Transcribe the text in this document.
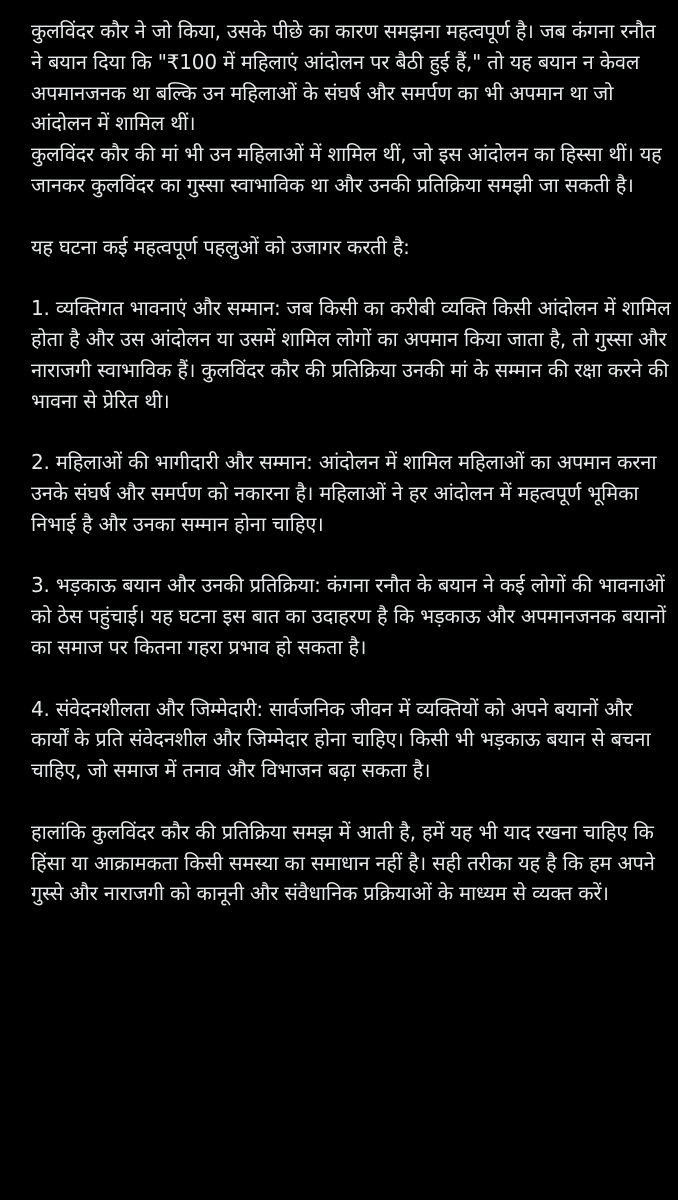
कुलविंदर कौर ने जो किया, उसके पीछे का कारण समझना महत्वपूर्ण है। जब कंगना रनौत ने बयान दिया कि "₹100 में महिलाएं आंदोलन पर बैठी हुई हैं," तो यह बयान न केवल अपमानजनक था बल्कि उन महिलाओं के संघर्ष और समर्पण का भी अपमान था जो आंदोलन में शामिल थीं।
कुलविंदर कौर की मां भी उन महिलाओं में शामिल थीं, जो इस आंदोलन का हिस्सा थीं। यह जानकर कुलविंदर का गुस्सा स्वाभाविक था और उनकी प्रतिक्रिया समझी जा सकती है।

यह घटना कई महत्वपूर्ण पहलुओं को उजागर करती है:

1. व्यक्तिगत भावनाएं और सम्मान: जब किसी का करीबी व्यक्ति किसी आंदोलन में शामिल होता है और उस आंदोलन या उसमें शामिल लोगों का अपमान किया जाता है, तो गुस्सा और नाराजगी स्वाभाविक हैं। कुलविंदर कौर की प्रतिक्रिया उनकी मां के सम्मान की रक्षा करने की भावना से प्रेरित थी।

2. महिलाओं की भागीदारी और सम्मान: आंदोलन में शामिल महिलाओं का अपमान करना उनके संघर्ष और समर्पण को नकारना है। महिलाओं ने हर आंदोलन में महत्वपूर्ण भूमिका निभाई है और उनका सम्मान होना चाहिए।

3. भड़काऊ बयान और उनकी प्रतिक्रिया: कंगना रनौत के बयान ने कई लोगों की भावनाओं को ठेस पहुंचाई। यह घटना इस बात का उदाहरण है कि भड़काऊ और अपमानजनक बयानों का समाज पर कितना गहरा प्रभाव हो सकता है।

4. संवेदनशीलता और जिम्मेदारी: सार्वजनिक जीवन में व्यक्तियों को अपने बयानों और कार्यों के प्रति संवेदनशील और जिम्मेदार होना चाहिए। किसी भी भड़काऊ बयान से बचना चाहिए, जो समाज में तनाव और विभाजन बढ़ा सकता है।

हालांकि कुलविंदर कौर की प्रतिक्रिया समझ में आती है, हमें यह भी याद रखना चाहिए कि हिंसा या आक्रामकता किसी समस्या का समाधान नहीं है। सही तरीका यह है कि हम अपने गुस्से और नाराजगी को कानूनी और संवैधानिक प्रक्रियाओं के माध्यम से व्यक्त करें।
